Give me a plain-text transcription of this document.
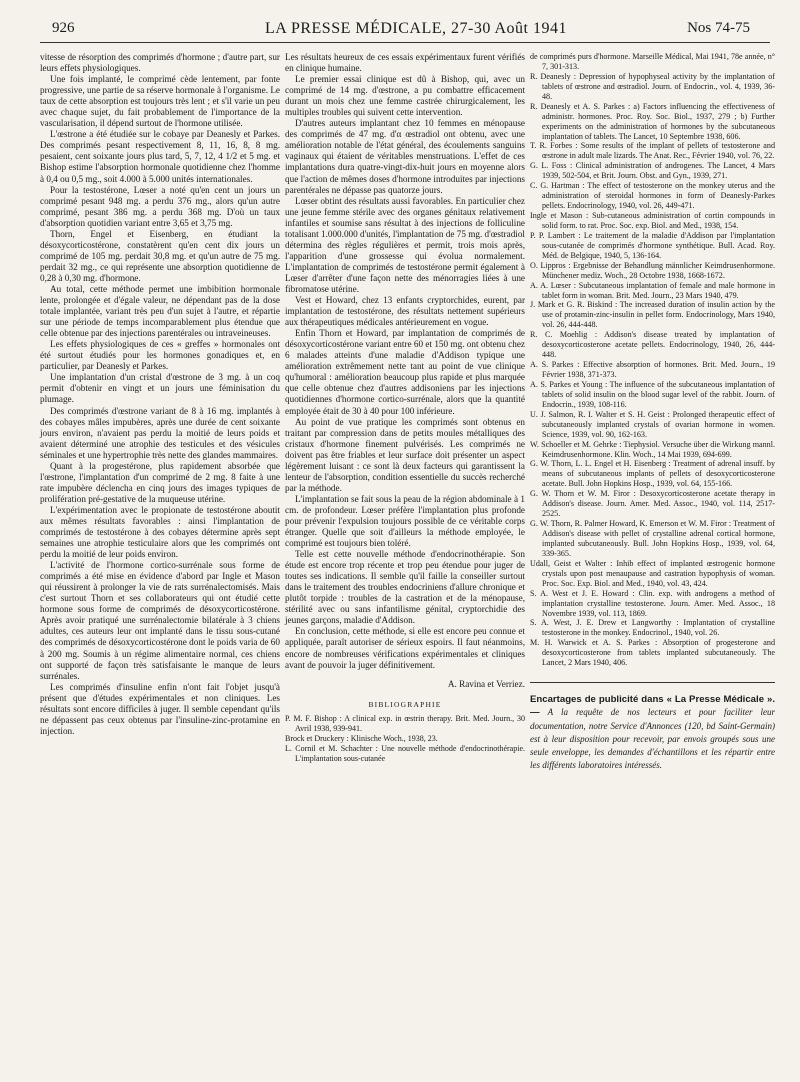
926	LA PRESSE MÉDICALE, 27-30 Août 1941	Nos 74-75

vitesse de résorption des comprimés d'hormone ; d'autre part, sur leurs effets physiologiques.

Une fois implanté, le comprimé cède lentement, par fonte progressive, une partie de sa réserve hormonale à l'organisme. Le taux de cette absorption est toujours très lent ; et s'il varie un peu avec chaque sujet, du fait probablement de l'importance de la vascularisation, il dépend surtout de l'hormone utilisée.

L'œstrone a été étudiée sur le cobaye par Deanesly et Parkes. Des comprimés pesant respectivement 8, 11, 16, 8, 8 mg. pesaient, cent soixante jours plus tard, 5, 7, 12, 4 1/2 et 5 mg. et Bishop estime l'absorption hormonale quotidienne chez l'homme à 0,4 ou 0,5 mg., soit 4.000 à 5.000 unités internationales.

Pour la testostérone, Lœser a noté qu'en cent un jours un comprimé pesant 948 mg. a perdu 376 mg., alors qu'un autre comprimé, pesant 386 mg. a perdu 368 mg. D'où un taux d'absorption quotidien variant entre 3,65 et 3,75 mg.

Thorn, Engel et Eisenberg, en étudiant la désoxycorticostérone, constatèrent qu'en cent dix jours un comprimé de 105 mg. perdait 30,8 mg. et qu'un autre de 75 mg. perdait 32 mg., ce qui représente une absorption quotidienne de 0,28 à 0,30 mg. d'hormone.

Au total, cette méthode permet une imbibition hormonale lente, prolongée et d'égale valeur, ne dépendant pas de la dose totale implantée, variant très peu d'un sujet à l'autre, et répartie sur une période de temps incomparablement plus étendue que celle obtenue par des injections parentérales ou intraveineuses.

Les effets physiologiques de ces « greffes » hormonales ont été surtout étudiés pour les hormones gonadiques et, en particulier, par Deanesly et Parkes.

Une implantation d'un cristal d'œstrone de 3 mg. à un coq permit d'obtenir en vingt et un jours une féminisation du plumage.

Des comprimés d'œstrone variant de 8 à 16 mg. implantés à des cobayes mâles impubères, après une durée de cent soixante jours environ, n'avaient pas perdu la moitié de leurs poids et avaient déterminé une atrophie des testicules et des vésicules séminales et une hypertrophie très nette des glandes mammaires.

Quant à la progestérone, plus rapidement absorbée que l'œstrone, l'implantation d'un comprimé de 2 mg. 8 faite à une rate impubère déclencha en cinq jours des images typiques de prolifération pré-gestative de la muqueuse utérine.

L'expérimentation avec le propionate de testostérone aboutit aux mêmes résultats favorables : ainsi l'implantation de comprimés de testostérone à des cobayes détermine après sept semaines une atrophie testiculaire alors que les comprimés ont perdu la moitié de leur poids environ.

L'activité de l'hormone cortico-surrénale sous forme de comprimés a été mise en évidence d'abord par Ingle et Mason qui réussirent à prolonger la vie de rats surrénalectomisés. Mais c'est surtout Thorn et ses collaborateurs qui ont étudié cette hormone sous forme de comprimés de désoxycorticostérone. Après avoir pratiqué une surrénalectomie bilatérale à 3 chiens adultes, ces auteurs leur ont implanté dans le tissu sous-cutané des comprimés de désoxycorticostérone dont le poids varia de 60 à 200 mg. Soumis à un régime alimentaire normal, ces chiens ont supporté de façon très satisfaisante le manque de leurs surrénales.

Les comprimés d'insuline enfin n'ont fait l'objet jusqu'à présent que d'études expérimentales et non cliniques. Les résultats sont encore difficiles à juger. Il semble cependant qu'ils ne dépassent pas ceux obtenus par l'insuline-zinc-protamine en injection.

Les résultats heureux de ces essais expérimentaux furent vérifiés en clinique humaine.

Le premier essai clinique est dû à Bishop, qui, avec un comprimé de 14 mg. d'œstrone, a pu combattre efficacement durant un mois chez une femme castrée chirurgicalement, les multiples troubles qui suivent cette intervention.

D'autres auteurs implantant chez 10 femmes en ménopause des comprimés de 47 mg. d'α œstradiol ont obtenu, avec une amélioration notable de l'état général, des écoulements sanguins vaginaux qui étaient de véritables menstruations. L'effet de ces implantations dura quatre-vingt-dix-huit jours en moyenne alors que l'action de mêmes doses d'hormone introduites par injections parentérales ne dépasse pas quatorze jours.

Lœser obtint des résultats aussi favorables. En particulier chez une jeune femme stérile avec des organes génitaux relativement infantiles et soumise sans résultat à des injections de folliculine totalisant 1.000.000 d'unités, l'implantation de 75 mg. d'œstradiol détermina des règles régulières et permit, trois mois après, l'apparition d'une grossesse qui évolua normalement. L'implantation de comprimés de testostérone permit également à Lœser d'arrêter d'une façon nette des ménorragies liées à une fibromatose utérine.

Vest et Howard, chez 13 enfants cryptorchides, eurent, par implantation de testostérone, des résultats nettement supérieurs aux thérapeutiques médicales antérieurement en vogue.

Enfin Thorn et Howard, par implantation de comprimés de désoxycorticostérone variant entre 60 et 150 mg. ont obtenu chez 6 malades atteints d'une maladie d'Addison typique une amélioration extrêmement nette tant au point de vue clinique qu'humoral : amélioration beaucoup plus rapide et plus marquée que celle obtenue chez d'autres addisoniens par les injections quotidiennes d'hormone cortico-surrénale, alors que la quantité employée était de 30 à 40 pour 100 inférieure.

Au point de vue pratique les comprimés sont obtenus en traitant par compression dans de petits moules métalliques des cristaux d'hormone finement pulvérisés. Les comprimés ne doivent pas être friables et leur surface doit présenter un aspect légèrement luisant : ce sont là deux facteurs qui garantissent la lenteur de l'absorption, condition essentielle du succès recherché par la méthode.

L'implantation se fait sous la peau de la région abdominale à 1 cm. de profondeur. Lœser préfère l'implantation plus profonde pour prévenir l'expulsion toujours possible de ce véritable corps étranger. Quelle que soit d'ailleurs la méthode employée, le comprimé est toujours bien toléré.

Telle est cette nouvelle méthode d'endocrinothérapie. Son étude est encore trop récente et trop peu étendue pour juger de toutes ses indications. Il semble qu'il faille la conseiller surtout dans le traitement des troubles endocriniens d'allure chronique et plutôt torpide : troubles de la castration et de la ménopause, stérilité avec ou sans infantilisme génital, cryptorchidie des jeunes garçons, maladie d'Addison.

En conclusion, cette méthode, si elle est encore peu connue et appliquée, paraît autoriser de sérieux espoirs. Il faut néanmoins, encore de nombreuses vérifications expérimentales et cliniques avant de pouvoir la juger définitivement.

A. Ravina et Verriez.

BIBLIOGRAPHIE

P. M. F. Bishop : A clinical exp. in œstrin therapy. Brit. Med. Journ., 30 Avril 1938, 939-941.

Brock et Druckery : Klinische Woch., 1938, 23.

L. Cornil et M. Schachter : Une nouvelle méthode d'endocrinothérapie. L'implantation sous-cutanée

de comprimés purs d'hormone. Marseille Médical, Mai 1941, 78e année, n° 7, 301-313.

R. Deanesly : Depression of hypophyseal activity by the implantation of tablets of œstrone and œstradiol. Journ. of Endocrin., vol. 4, 1939, 36-48.

R. Deanesly et A. S. Parkes : a) Factors influencing the effectiveness of administr. hormones. Proc. Roy. Soc. Biol., 1937, 279 ; b) Further experiments on the administration of hormones by the subcutaneous implantation of tablets. The Lancet, 10 Septembre 1938, 606.

T. R. Forbes : Some results of the implant of pellets of testosterone and œstrone in adult male lizards. The Anat. Rec., Février 1940, vol. 76, 22.

G. L. Foss : Clinical administration of androgenes. The Lancet, 4 Mars 1939, 502-504, et Brit. Journ. Obst. and Gyn., 1939, 271.

C. G. Hartman : The effect of testosterone on the monkey uterus and the administration of steroidal hormones in form of Deanesly-Parkes pellets. Endocrinology, 1940, vol. 26, 449-471.

Ingle et Mason : Sub-cutaneous administration of cortin compounds in solid form. to rat. Proc. Soc. exp. Biol. and Med., 1938, 154.

P. P. Lambert : Le traitement de la maladie d'Addison par l'implantation sous-cutanée de comprimés d'hormone synthétique. Bull. Acad. Roy. Méd. de Belgique, 1940, 5, 136-164.

O. Lippros : Ergebnisse der Behandlung männlicher Keimdrusenhormone. Münchener mediz. Woch., 28 Octobre 1938, 1668-1672.

A. A. Lœser : Subcutaneous implantation of female and male hormone in tablet form in woman. Brit. Med. Journ., 23 Mars 1940, 479.

J. Mark et G. R. Biskind : The increased duration of insulin action by the use of protamin-zinc-insulin in pellet form. Endocrinology, Mars 1940, vol. 26, 444-448.

R. C. Moehlig : Addison's disease treated by implantation of desoxycorticosterone acetate pellets. Endocrinology, 1940, 26, 444-448.

A. S. Parkes : Effective absorption of hormones. Brit. Med. Journ., 19 Février 1938, 371-373.

A. S. Parkes et Young : The influence of the subcutaneous implantation of tablets of solid insulin on the blood sugar level of the rabbit. Journ. of Endocrin., 1939, 108-116.

U. J. Salmon, R. I. Walter et S. H. Geist : Prolonged therapeutic effect of subcutaneously implanted crystals of ovarian hormone in women. Science, 1939, vol. 90, 162-163.

W. Schoeller et M. Gehrke : Tiephysiol. Versuche über die Wirkung mannl. Keimdrusenhormone. Klin. Woch., 14 Mai 1939, 694-699.

G. W. Thorn, L. L. Engel et H. Eisenberg : Treatment of adrenal insuff. by means of subcutaneous implants of pellets of desoxycorticosterone acetate. Bull. John Hopkins Hosp., 1939, vol. 64, 155-166.

G. W. Thorn et W. M. Firor : Desoxycorticosterone acetate therapy in Addison's disease. Journ. Amer. Med. Assoc., 1940, vol. 114, 2517-2525.

G. W. Thorn, R. Palmer Howard, K. Emerson et W. M. Firor : Treatment of Addison's disease with pellet of crystalline adrenal cortical hormone, implanted subcutaneously. Bull. John Hopkins Hosp., 1939, vol. 64, 339-365.

Udall, Geist et Walter : Inhib effect of implanted œstrogenic hormone crystals upon post menaupause and castration hypophysis of woman. Proc. Soc. Exp. Biol. and Med., 1940, vol. 43, 424.

S. A. West et J. E. Howard : Clin. exp. with androgens a method of implantation crystalline testosterone. Journ. Amer. Med. Assoc., 18 Novembre 1939, vol. 113, 1869.

S. A. West, J. E. Drew et Langworthy : Implantation of crystalline testosterone in the monkey. Endocrinol., 1940, vol. 26.

M. H. Warwick et A. S. Parkes : Absorption of progesterone and desoxycorticosterone from tablets implanted subcutaneously. The Lancet, 2 Mars 1940, 406.

Encartages de publicité dans « La Presse Médicale ». — A la requête de nos lecteurs et pour faciliter leur documentation, notre Service d'Annonces (120, bd Saint-Germain) est à leur disposition pour recevoir, par envois groupés sous une seule enveloppe, les demandes d'échantillons et les répartir entre les différents laboratoires intéressés.
